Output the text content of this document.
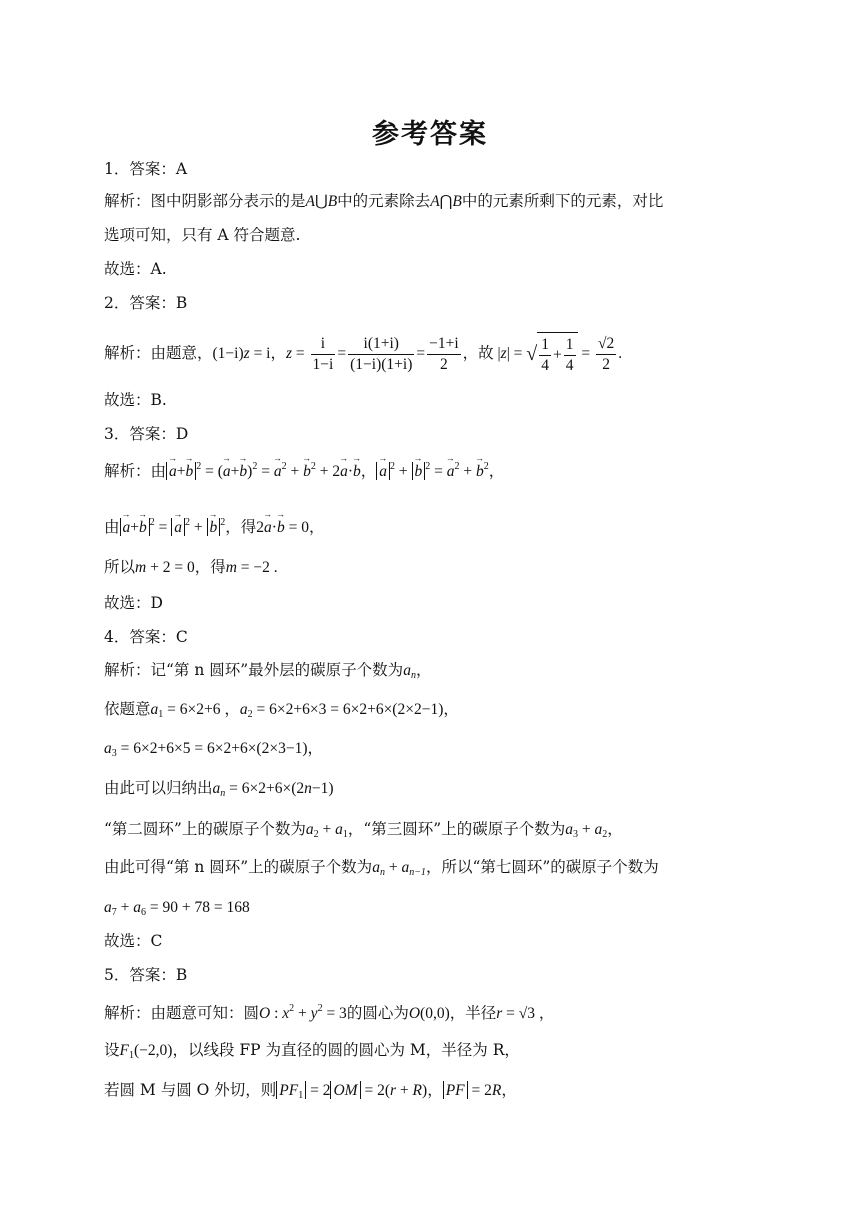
参考答案
1．答案：A
解析：图中阴影部分表示的是A⋃B中的元素除去A⋂B中的元素所剩下的元素，对比
选项可知，只有 A 符合题意.
故选：A.
2．答案：B
解析：由题意，(1−i)z = i，$z = \frac{i}{1-i} = \frac{i(1+i)}{(1-i)(1+i)} = \frac{-1+i}{2}$ ，故 |z| = √ $\frac{1}{4} + \frac{1}{4} = \frac{√2}{2}$ .
故选：B.
3．答案：D
解析：由 → a+→ b $^2$ = (→ a+→ b)$^2$ = → $a^2$ + → $b^2 + 2\to a\cdot\to b$， → a $^2$ + → b $^2$ = → $a^2$ + → $b^2$，
由 → a+→ b $^2$ = → a $^2$ + → b $^2$，得2→ a·→ b = 0，
所以m + 2 = 0，得m = −2 .
故选：D
4．答案：C
解析：记“第 n 圆环”最外层的碳原子个数为$a_n$，
依题意$a_1 = 6\times 2+6$ ，$a_2 = 6\times 2+6\times 3 = 6\times 2+6\times(2\times 2-1)$，
$a_3 = 6\times 2+6\times 5 = 6\times 2+6\times(2\times 3-1)$，
由此可以归纳出$a_n = 6\times 2+6\times(2n-1)$
“第二圆环”上的碳原子个数为$a_2 + a_1$，“第三圆环”上的碳原子个数为$a_3 + a_2$，
由此可得“第 n 圆环”上的碳原子个数为$a_n + a_{n-1}$，所以“第七圆环”的碳原子个数为
$a_7 + a_6 = 90 + 78 = 168$
故选：C
5．答案：B
解析：由题意可知：圆O : $x^2 + y^2 = 3$的圆心为O(0,0)，半径r = √3 ，
设$F_1(-2,0)$，以线段 FP 为直径的圆的圆心为 M，半径为 R，
若圆 M 与圆 O 外切，则 $PF_1 = 2$ OM = 2(r + R)， PF = 2R，
